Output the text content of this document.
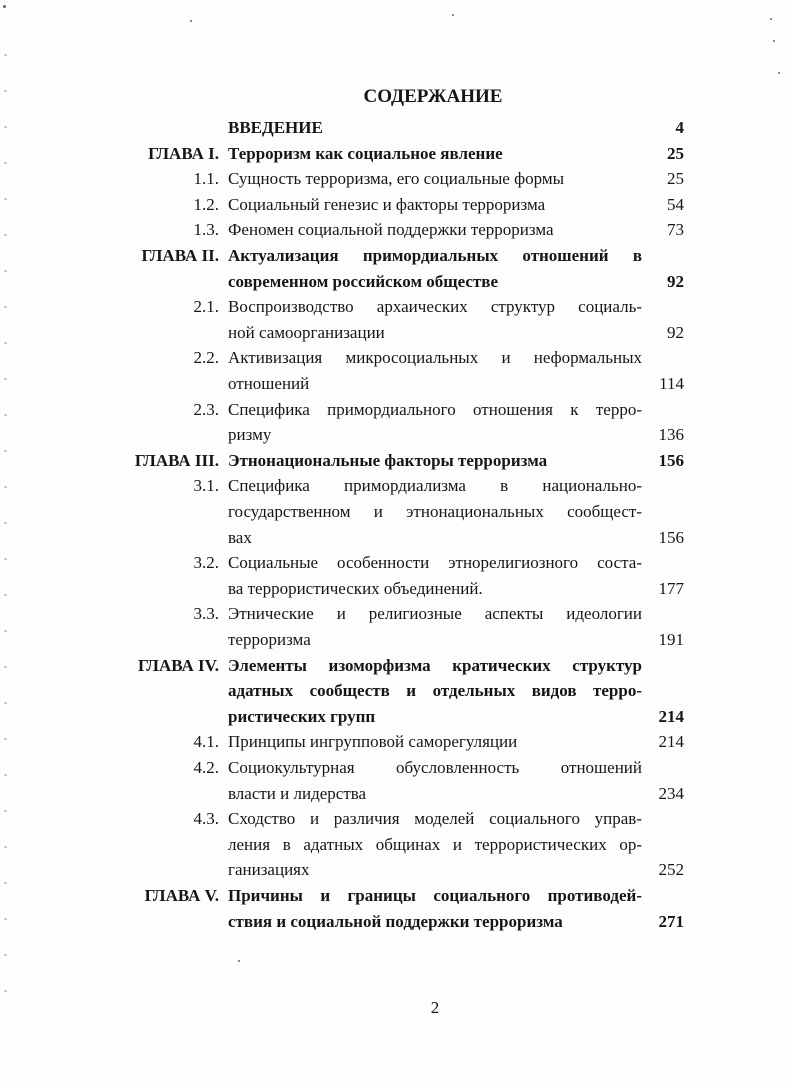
СОДЕРЖАНИЕ
ВВЕДЕНИЕ	4
ГЛАВА I. Терроризм как социальное явление	25
1.1. Сущность терроризма, его социальные формы	25
1.2. Социальный генезис и факторы терроризма	54
1.3. Феномен социальной поддержки терроризма	73
ГЛАВА II. Актуализация примордиальных отношений в
современном российском обществе	92
2.1. Воспроизводство архаических структур социаль-
ной самоорганизации	92
2.2. Активизация микросоциальных и неформальных
отношений	114
2.3. Специфика примордиального отношения к терро-
ризму	136
ГЛАВА III. Этнонациональные факторы терроризма	156
3.1. Специфика примордиализма в национально-
государственном и этнонациональных сообщест-
вах	156
3.2. Социальные особенности этнорелигиозного соста-
ва террористических объединений.	177
3.3. Этнические и религиозные аспекты идеологии
терроризма	191
ГЛАВА IV. Элементы изоморфизма кратических структур
адатных сообществ и отдельных видов терро-
ристических групп	214
4.1. Принципы ингрупповой саморегуляции	214
4.2. Социокультурная обусловленность отношений
власти и лидерства	234
4.3. Сходство и различия моделей социального управ-
ления в адатных общинах и террористических ор-
ганизациях	252
ГЛАВА V. Причины и границы социального противодей-
ствия и социальной поддержки терроризма	271
2
